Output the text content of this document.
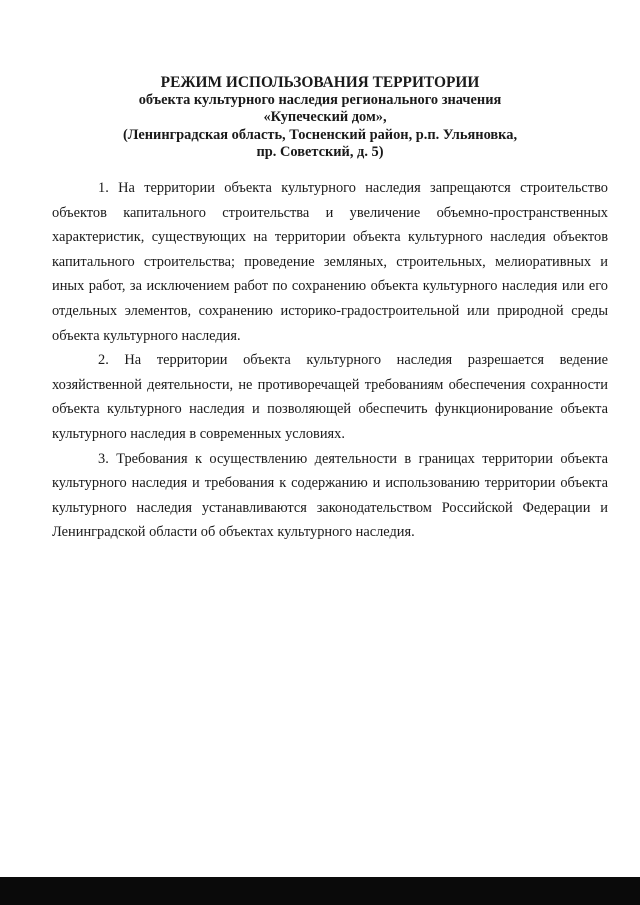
РЕЖИМ ИСПОЛЬЗОВАНИЯ ТЕРРИТОРИИ
объекта культурного наследия регионального значения
«Купеческий дом»,
(Ленинградская область, Тосненский район, р.п. Ульяновка,
пр. Советский, д. 5)

1. На территории объекта культурного наследия запрещаются строительство объектов капитального строительства и увеличение объемно-пространственных характеристик, существующих на территории объекта культурного наследия объектов капитального строительства; проведение земляных, строительных, мелиоративных и иных работ, за исключением работ по сохранению объекта культурного наследия или его отдельных элементов, сохранению историко-градостроительной или природной среды объекта культурного наследия.

2. На территории объекта культурного наследия разрешается ведение хозяйственной деятельности, не противоречащей требованиям обеспечения сохранности объекта культурного наследия и позволяющей обеспечить функционирование объекта культурного наследия в современных условиях.

3. Требования к осуществлению деятельности в границах территории объекта культурного наследия и требования к содержанию и использованию территории объекта культурного наследия устанавливаются законодательством Российской Федерации и Ленинградской области об объектах культурного наследия.
